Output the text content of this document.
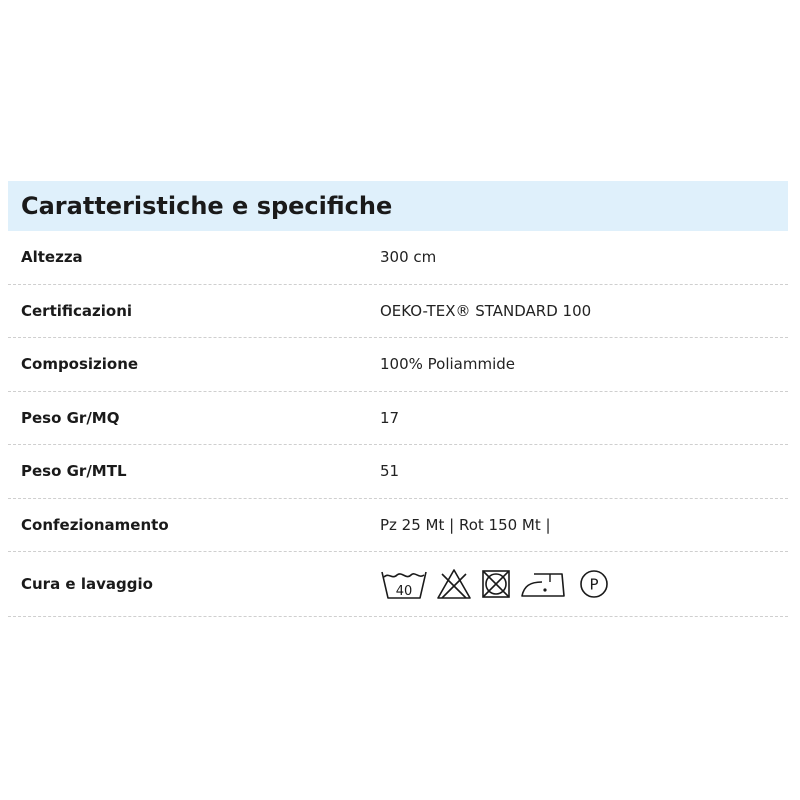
Caratteristiche e specifiche
Altezza	300 cm
Certificazioni	OEKO-TEX® STANDARD 100
Composizione	100% Poliammide
Peso Gr/MQ	17
Peso Gr/MTL	51
Confezionamento	Pz 25 Mt | Rot 150 Mt |
Cura e lavaggio	40	P
